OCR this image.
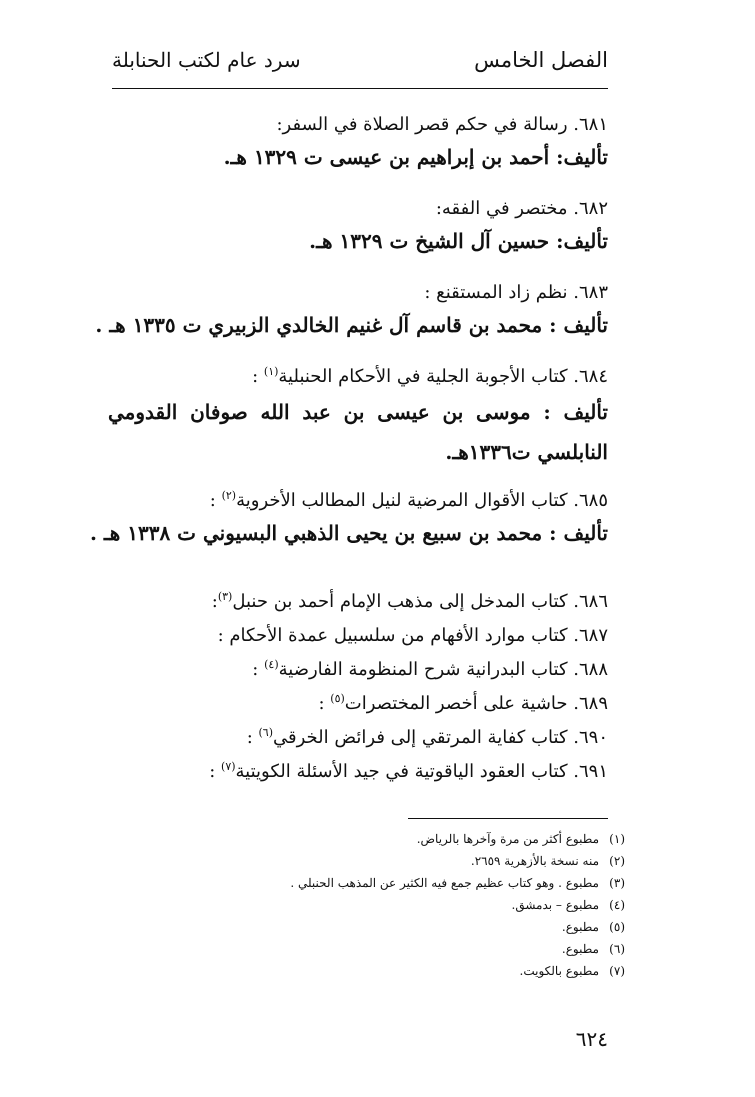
الفصل الخامس
سرد عام لكتب الحنابلة
٦٨١. رسالة في حكم قصر الصلاة في السفر:
تأليف: أحمد بن إبراهيم بن عيسى ت ١٣٢٩ هـ.
٦٨٢. مختصر في الفقه:
تأليف: حسين آل الشيخ ت ١٣٢٩ هـ.
٦٨٣. نظم زاد المستقنع :
تأليف : محمد بن قاسم آل غنيم الخالدي الزبيري ت ١٣٣٥ هـ .
٦٨٤. كتاب الأجوبة الجلية في الأحكام الحنبلية$^{(١)}$ :
تأليف : موسى بن عيسى بن عبد الله صوفان القدومي النابلسي ت١٣٣٦هـ.
٦٨٥. كتاب الأقوال المرضية لنيل المطالب الأخروية$^{(٢)}$ :
تأليف : محمد بن سبيع بن يحيى الذهبي البسيوني ت ١٣٣٨ هـ .
٦٨٦. كتاب المدخل إلى مذهب الإمام أحمد بن حنبل$^{(٣)}$:
٦٨٧. كتاب موارد الأفهام من سلسبيل عمدة الأحكام :
٦٨٨. كتاب البدرانية شرح المنظومة الفارضية$^{(٤)}$ :
٦٨٩. حاشية على أخصر المختصرات$^{(٥)}$ :
٦٩٠. كتاب كفاية المرتقي إلى فرائض الخرقي$^{(٦)}$ :
٦٩١. كتاب العقود الياقوتية في جيد الأسئلة الكويتية$^{(٧)}$ :
(١)مطبوع أكثر من مرة وآخرها بالرياض.
(٢)منه نسخة بالأزهرية ٢٦٥٩.
(٣)مطبوع . وهو كتاب عظيم جمع فيه الكثير عن المذهب الحنبلي .
(٤)مطبوع – بدمشق.
(٥)مطبوع.
(٦)مطبوع.
(٧)مطبوع بالكويت.
٦٢٤
